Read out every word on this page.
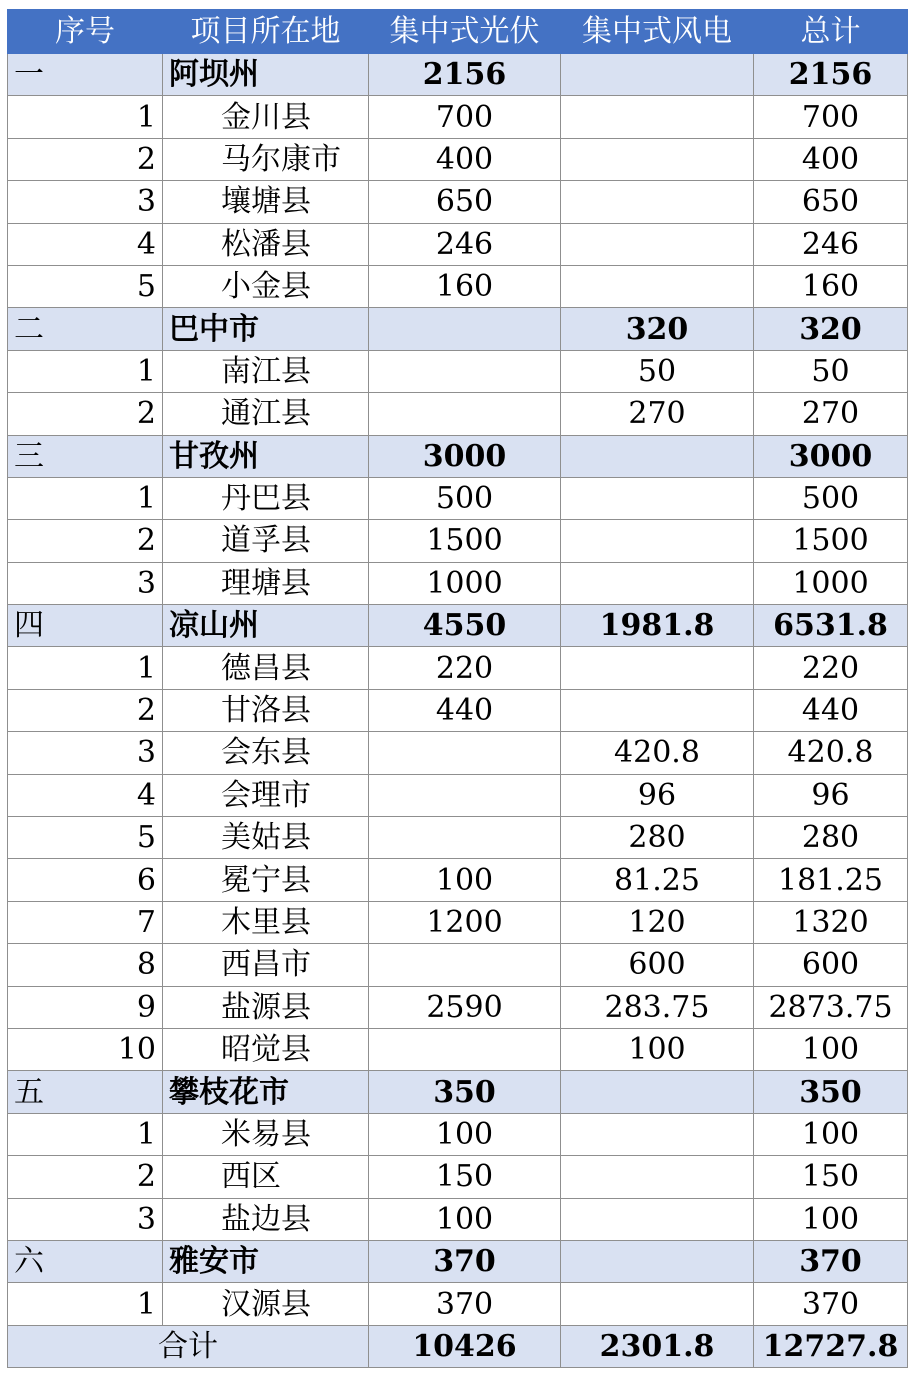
序号	项目所在地	集中式光伏	集中式风电	总计
一	阿坝州	2156		2156
1	金川县	700		700
2	马尔康市	400		400
3	壤塘县	650		650
4	松潘县	246		246
5	小金县	160		160
二	巴中市		320	320
1	南江县		50	50
2	通江县		270	270
三	甘孜州	3000		3000
1	丹巴县	500		500
2	道孚县	1500		1500
3	理塘县	1000		1000
四	凉山州	4550	1981.8	6531.8
1	德昌县	220		220
2	甘洛县	440		440
3	会东县		420.8	420.8
4	会理市		96	96
5	美姑县		280	280
6	冕宁县	100	81.25	181.25
7	木里县	1200	120	1320
8	西昌市		600	600
9	盐源县	2590	283.75	2873.75
10	昭觉县		100	100
五	攀枝花市	350		350
1	米易县	100		100
2	西区	150		150
3	盐边县	100		100
六	雅安市	370		370
1	汉源县	370		370
合计		10426	2301.8	12727.8
